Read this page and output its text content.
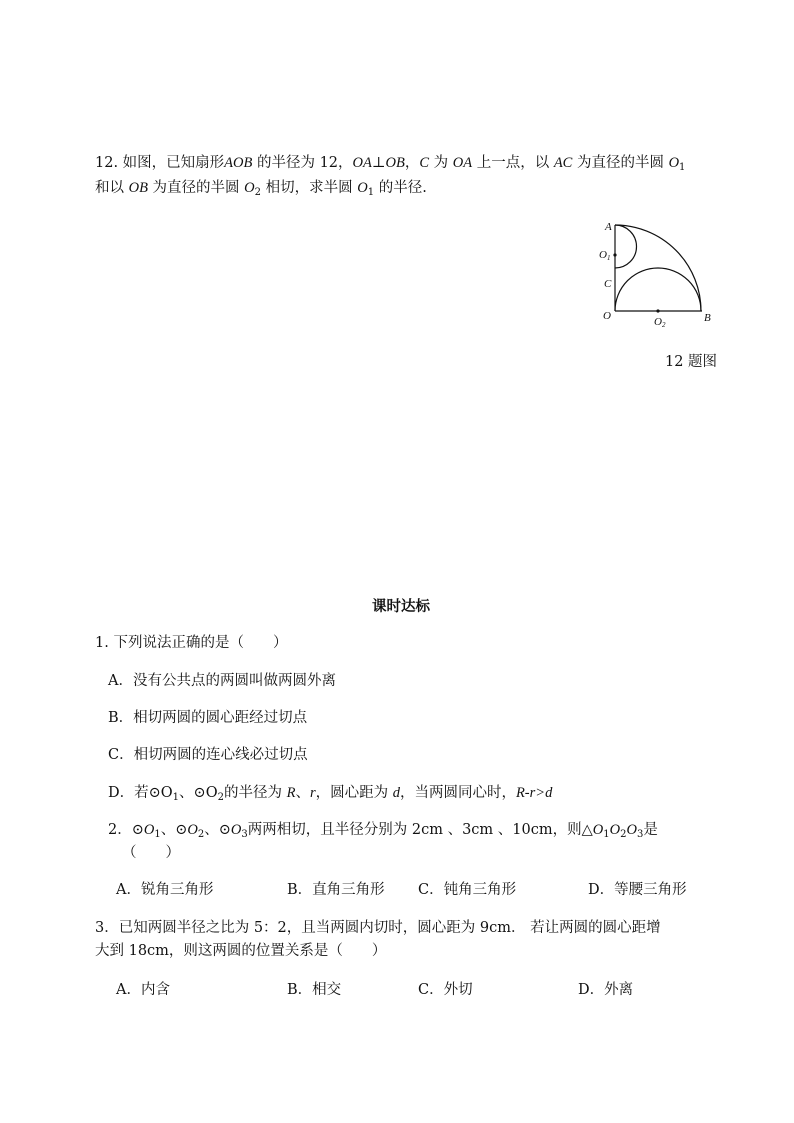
12. 如图，已知扇形AOB 的半径为 12，OA⊥OB，C 为 OA 上一点，以 AC 为直径的半圆 $O_1$
和以 OB 为直径的半圆 $O_2$ 相切，求半圆 $O_1$ 的半径.
A
O1
C
O	O2
B
12 题图
课时达标
1. 下列说法正确的是（　　）
A．没有公共点的两圆叫做两圆外离
B．相切两圆的圆心距经过切点
C．相切两圆的连心线必过切点
D．若$⊙O_1$、$⊙O_2$的半径为 R、r，圆心距为 d，当两圆同心时，R-r>d
2．$⊙O_1$、$⊙O_2$、$⊙O_3$两两相切，且半径分别为 2cm 、3cm 、10cm，则$\triangle O_1O_2O_3$是
（　　）
A．锐角三角形	B．直角三角形 C．钝角三角形	D．等腰三角形
3．已知两圆半径之比为 5：2，且当两圆内切时，圆心距为 9cm． 若让两圆的圆心距增
大到 18cm，则这两圆的位置关系是（　　）
A．内含	B．相交	C．外切	D．外离
